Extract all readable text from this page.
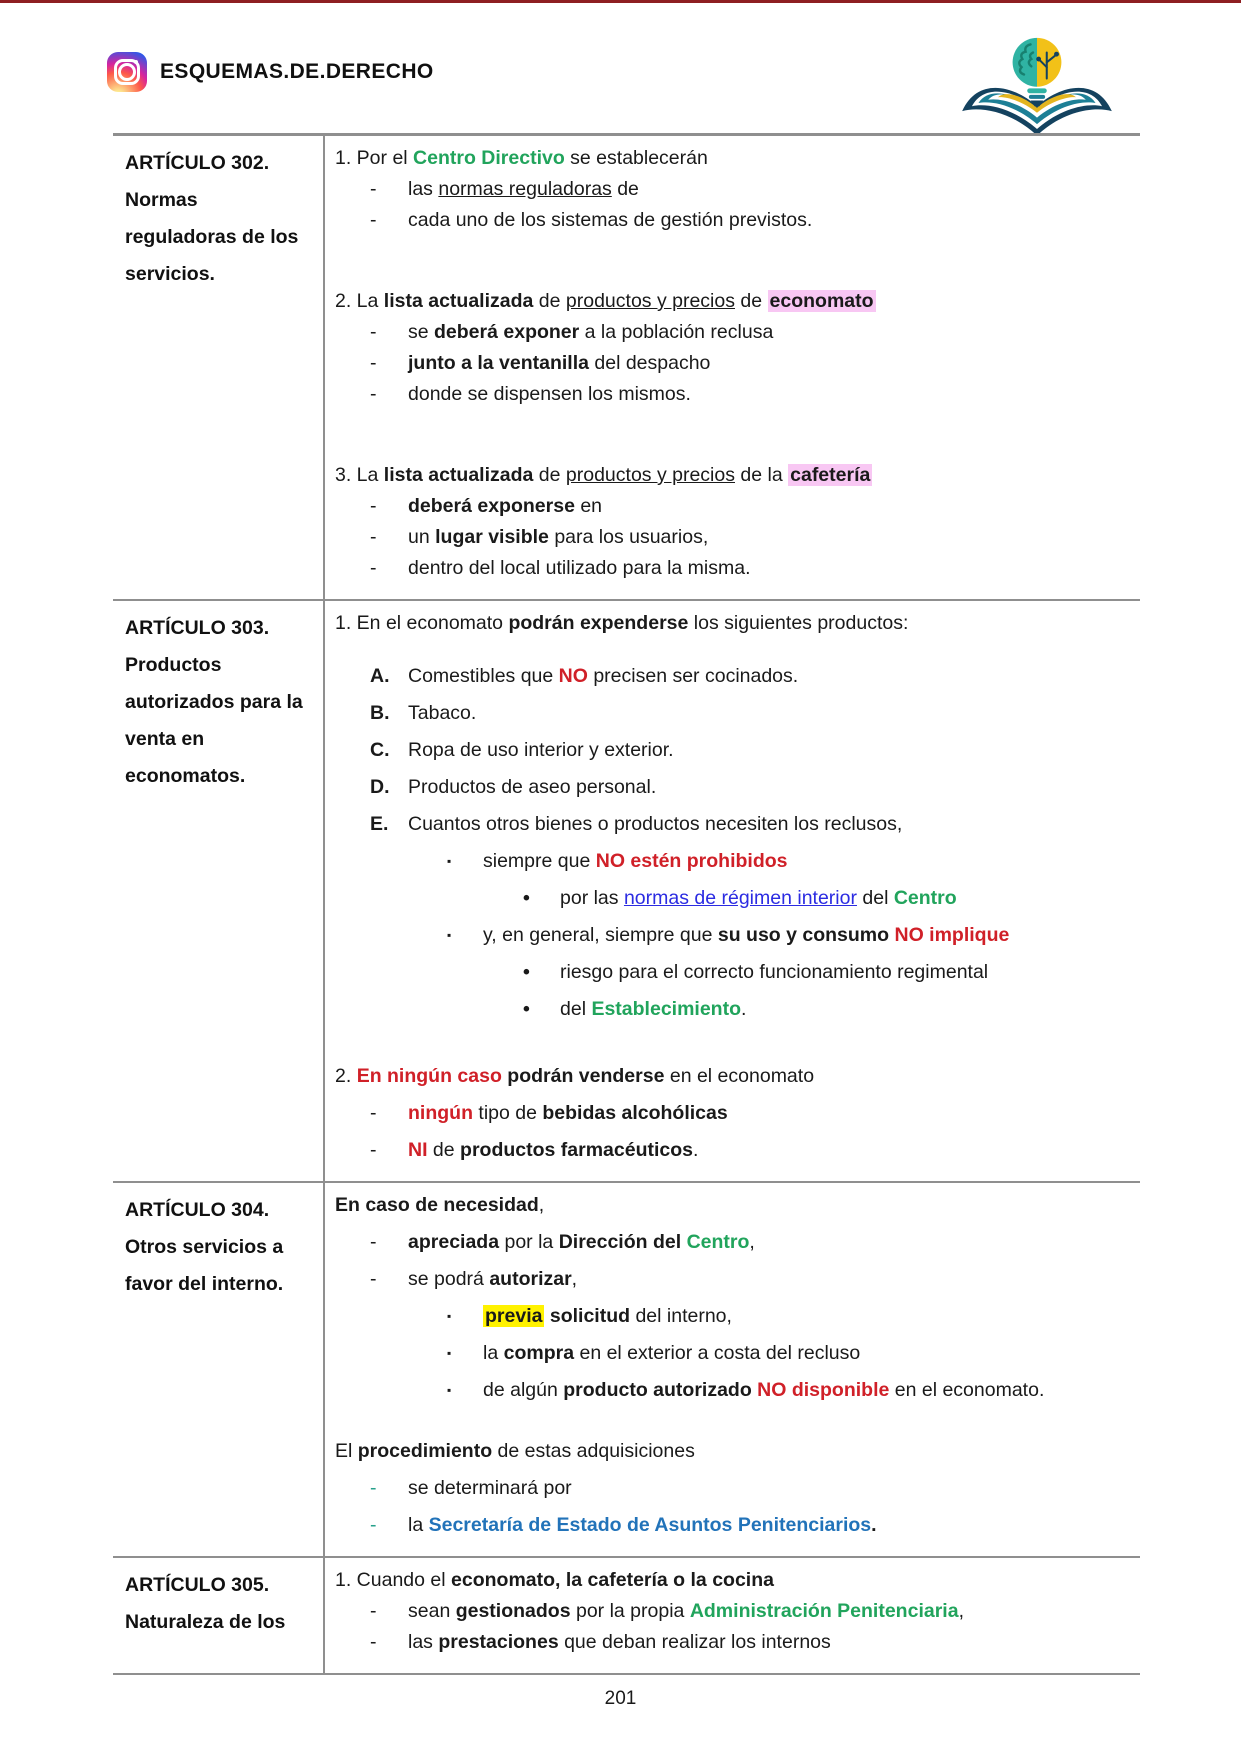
ESQUEMAS.DE.DERECHO
ARTÍCULO 302. Normas reguladoras de los servicios.
1. Por el Centro Directivo se establecerán
-	las normas reguladoras de
-	cada uno de los sistemas de gestión previstos.
2. La lista actualizada de productos y precios de economato
-	se deberá exponer a la población reclusa
-	junto a la ventanilla del despacho
-	donde se dispensen los mismos.
3. La lista actualizada de productos y precios de la cafetería
-	deberá exponerse en
-	un lugar visible para los usuarios,
-	dentro del local utilizado para la misma.
ARTÍCULO 303. Productos autorizados para la venta en economatos.
1. En el economato podrán expenderse los siguientes productos:
A. Comestibles que NO precisen ser cocinados.
B. Tabaco.
C. Ropa de uso interior y exterior.
D. Productos de aseo personal.
E.	Cuantos otros bienes o productos necesiten los reclusos,
▪	siempre que NO estén prohibidos
•	por las normas de régimen interior del Centro
▪	y, en general, siempre que su uso y consumo NO implique
•	riesgo para el correcto funcionamiento regimental
•	del Establecimiento.
2. En ningún caso podrán venderse en el economato
-	ningún tipo de bebidas alcohólicas
-	NI de productos farmacéuticos.
ARTÍCULO 304. Otros servicios a favor del interno.
En caso de necesidad,
-	apreciada por la Dirección del Centro,
-	se podrá autorizar,
▪	previa solicitud del interno,
▪	la compra en el exterior a costa del recluso
▪	de algún producto autorizado NO disponible en el economato.
El procedimiento de estas adquisiciones
-	se determinará por
-	la Secretaría de Estado de Asuntos Penitenciarios.
ARTÍCULO 305. Naturaleza de los
1. Cuando el economato, la cafetería o la cocina
-	sean gestionados por la propia Administración Penitenciaria,
-	las prestaciones que deban realizar los internos
201
